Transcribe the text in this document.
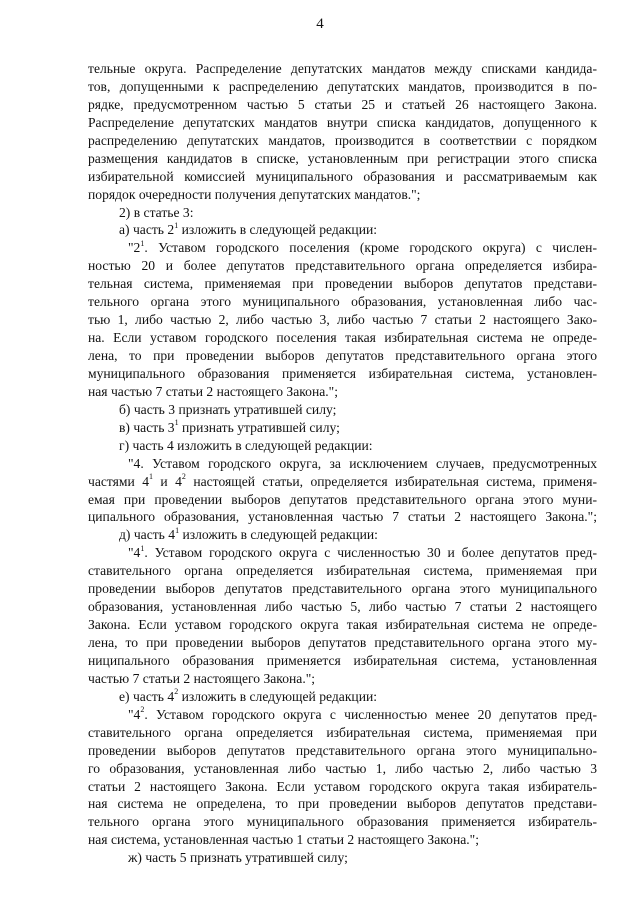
4
тельные округа. Распределение депутатских мандатов между списками кандида-
тов, допущенными к распределению депутатских мандатов, производится в по-
рядке, предусмотренном частью 5 статьи 25 и статьей 26 настоящего Закона.
Распределение депутатских мандатов внутри списка кандидатов, допущенного к
распределению депутатских мандатов, производится в соответствии с порядком
размещения кандидатов в списке, установленным при регистрации этого списка
избирательной комиссией муниципального образования и рассматриваемым как
порядок очередности получения депутатских мандатов.";
2) в статье 3:
а) часть $2^1$ изложить в следующей редакции:
"$2^1$. Уставом городского поселения (кроме городского округа) с числен-
ностью 20 и более депутатов представительного органа определяется избира-
тельная система, применяемая при проведении выборов депутатов представи-
тельного органа этого муниципального образования, установленная либо час-
тью 1, либо частью 2, либо частью 3, либо частью 7 статьи 2 настоящего Зако-
на. Если уставом городского поселения такая избирательная система не опреде-
лена, то при проведении выборов депутатов представительного органа этого
муниципального образования применяется избирательная система, установлен-
ная частью 7 статьи 2 настоящего Закона.";
б) часть 3 признать утратившей силу;
в) часть $3^1$ признать утратившей силу;
г) часть 4 изложить в следующей редакции:
"4. Уставом городского округа, за исключением случаев, предусмотренных
частями $4^1$ и $4^2$ настоящей статьи, определяется избирательная система, применя-
емая при проведении выборов депутатов представительного органа этого муни-
ципального образования, установленная частью 7 статьи 2 настоящего Закона.";
д) часть $4^1$ изложить в следующей редакции:
"$4^1$. Уставом городского округа с численностью 30 и более депутатов пред-
ставительного органа определяется избирательная система, применяемая при
проведении выборов депутатов представительного органа этого муниципального
образования, установленная либо частью 5, либо частью 7 статьи 2 настоящего
Закона. Если уставом городского округа такая избирательная система не опреде-
лена, то при проведении выборов депутатов представительного органа этого му-
ниципального образования применяется избирательная система, установленная
частью 7 статьи 2 настоящего Закона.";
е) часть $4^2$ изложить в следующей редакции:
"$4^2$. Уставом городского округа с численностью менее 20 депутатов пред-
ставительного органа определяется избирательная система, применяемая при
проведении выборов депутатов представительного органа этого муниципально-
го образования, установленная либо частью 1, либо частью 2, либо частью 3
статьи 2 настоящего Закона. Если уставом городского округа такая избиратель-
ная система не определена, то при проведении выборов депутатов представи-
тельного органа этого муниципального образования применяется избиратель-
ная система, установленная частью 1 статьи 2 настоящего Закона.";
ж) часть 5 признать утратившей силу;
